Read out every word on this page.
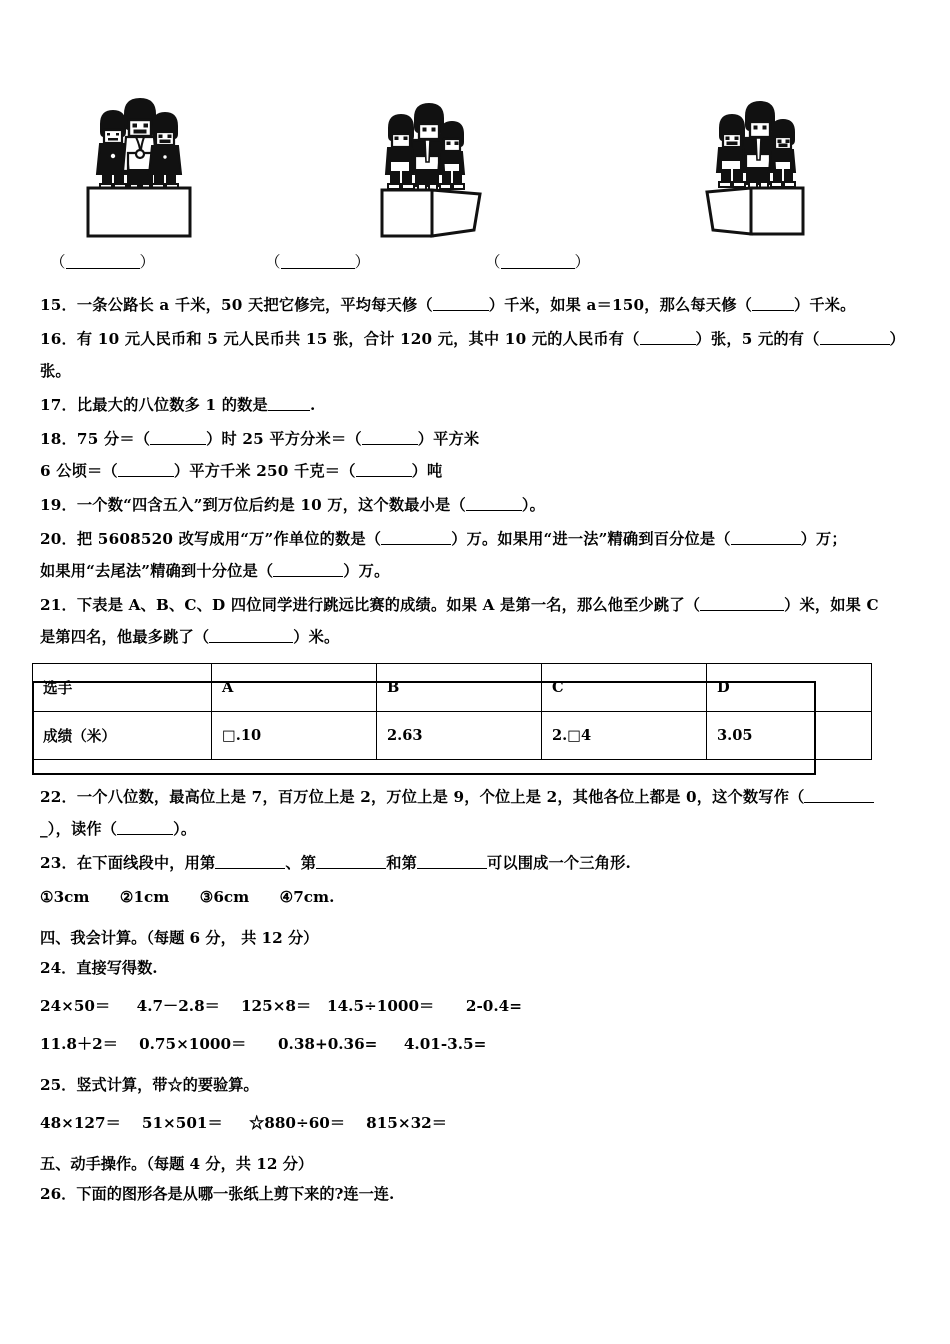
（	）	（	）	（	）
15．一条公路长 a 千米，50 天把它修完，平均每天修（	）千米，如果 a＝150，那么每天修（	）千米。
16．有 10 元人民币和 5 元人民币共 15 张，合计 120 元，其中 10 元的人民币有（	）张，5 元的有（	）
张。
17．比最大的八位数多 1 的数是	.
18．75 分＝（	）时 25 平方分米＝（	）平方米
6 公顷＝（	）平方千米 250 千克＝（	）吨
19．一个数“四含五入”到万位后约是 10 万，这个数最小是（	）。
20．把 5608520 改写成用“万”作单位的数是（	）万。如果用“进一法”精确到百分位是（	）万；
如果用“去尾法”精确到十分位是（	）万。
21．下表是 A、B、C、D 四位同学进行跳远比赛的成绩。如果 A 是第一名，那么他至少跳了（	）米，如果 C
是第四名，他最多跳了（	）米。
选手	A	B	C	D
成绩（米）	□.10	2.63	2.□4	3.05
22．一个八位数，最高位上是 7，百万位上是 2，万位上是 9，个位上是 2，其他各位上都是 0，这个数写作（
_），读作（	）。
23．在下面线段中，用第	、第	和第	可以围成一个三角形.
①3cm　　②1cm　　③6cm　　④7cm.
四、我会计算。（每题 6 分， 共 12 分）
24．直接写得数.
24×50＝     4.7－2.8＝    125×8＝   14.5÷1000＝      2-0.4=
11.8＋2＝    0.75×1000＝      0.38+0.36=     4.01-3.5=
25．竖式计算，带☆的要验算。
48×127＝    51×501＝     ☆880÷60＝    815×32＝
五、动手操作。（每题 4 分，共 12 分）
26．下面的图形各是从哪一张纸上剪下来的?连一连.
